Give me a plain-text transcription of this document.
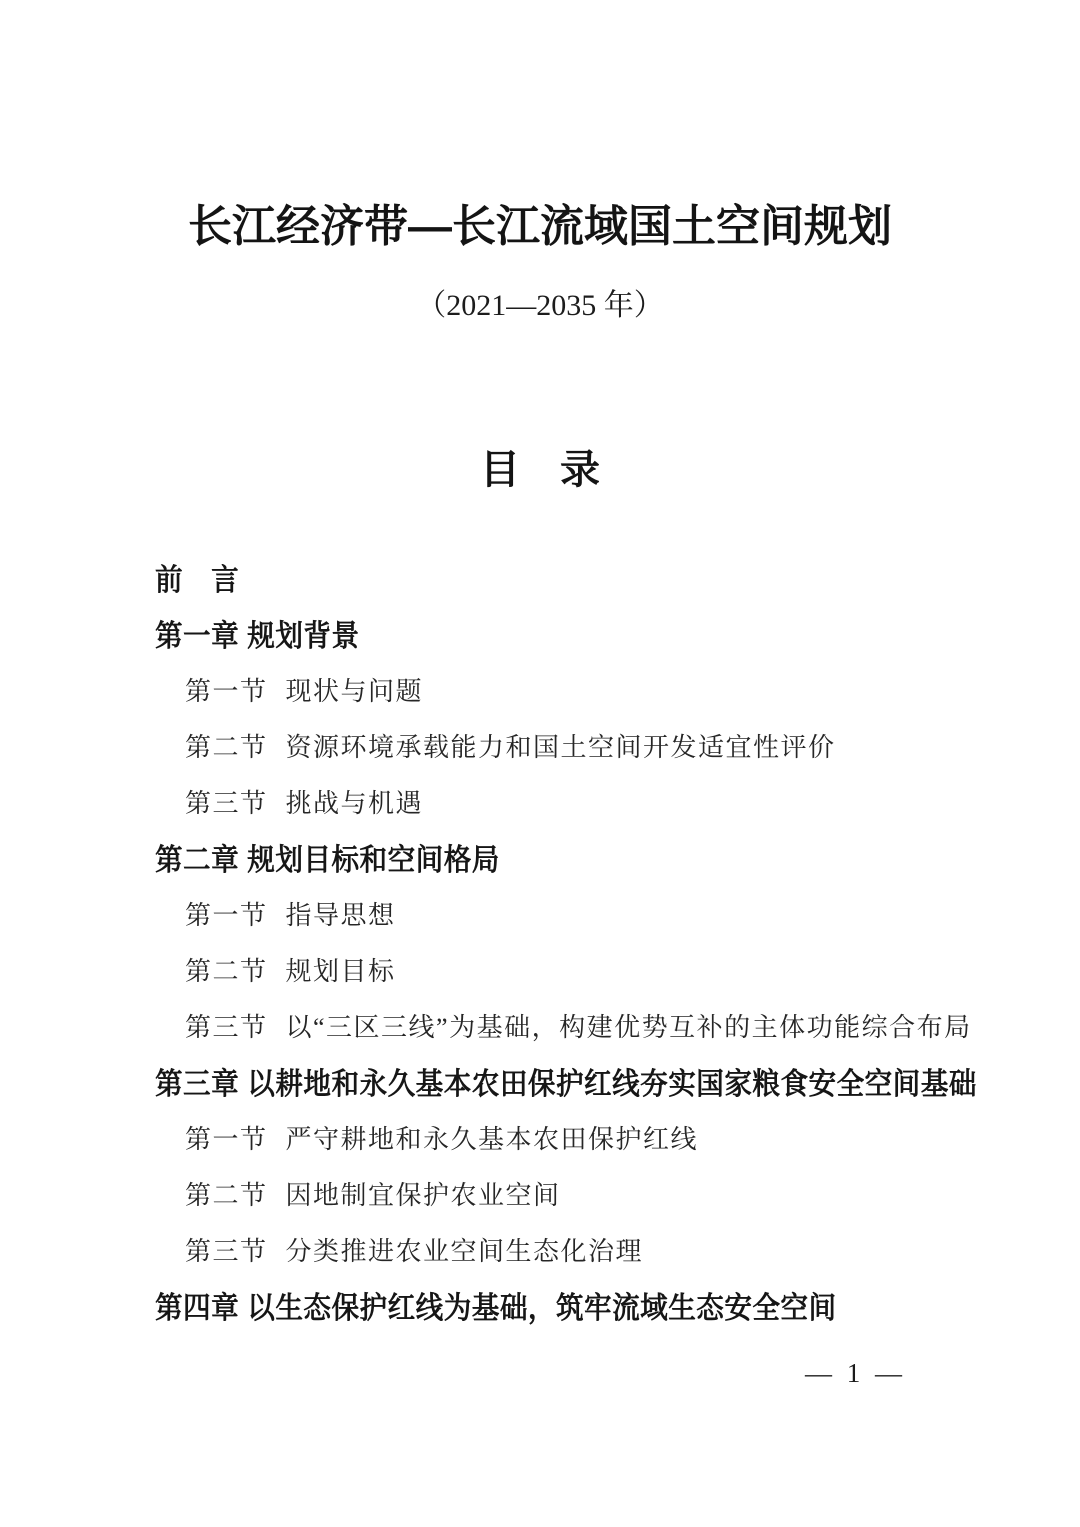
长江经济带—长江流域国土空间规划
（2021—2035 年）
目　录
前　言
第一章 规划背景
第一节 现状与问题
第二节 资源环境承载能力和国土空间开发适宜性评价
第三节 挑战与机遇
第二章 规划目标和空间格局
第一节 指导思想
第二节 规划目标
第三节 以“三区三线”为基础，构建优势互补的主体功能综合布局
第三章 以耕地和永久基本农田保护红线夯实国家粮食安全空间基础
第一节 严守耕地和永久基本农田保护红线
第二节 因地制宜保护农业空间
第三节 分类推进农业空间生态化治理
第四章 以生态保护红线为基础，筑牢流域生态安全空间
— 1 —
